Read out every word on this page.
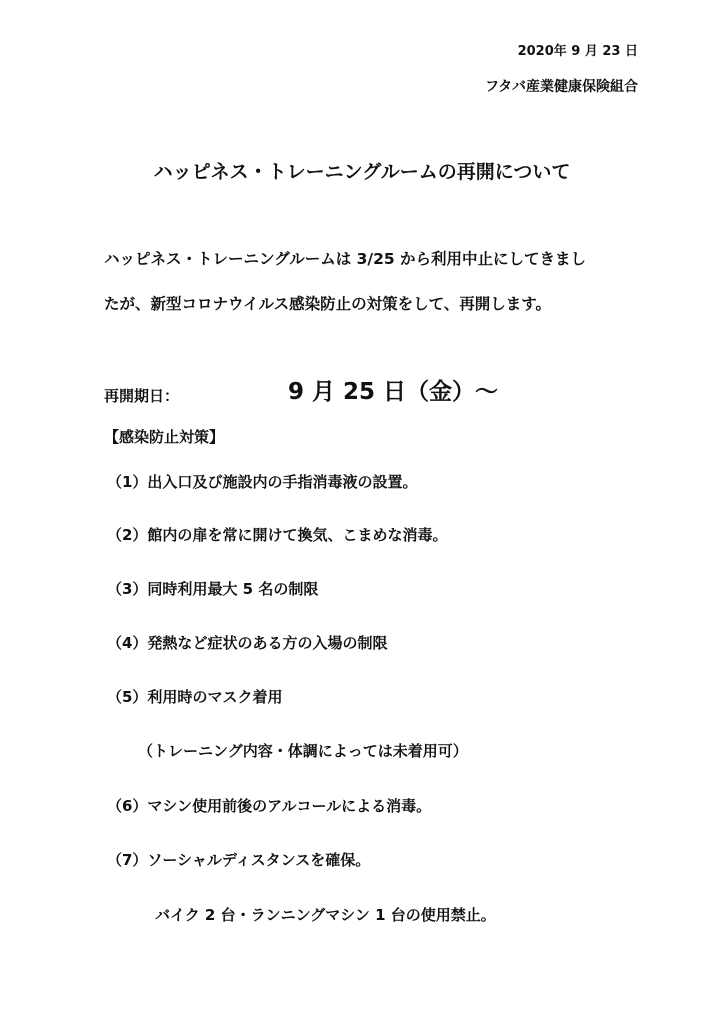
2020年 9 月 23 日
フタバ産業健康保険組合
ハッピネス・トレーニングルームの再開について
ハッピネス・トレーニングルームは 3/25 から利用中止にしてきまし
たが、新型コロナウイルス感染防止の対策をして、再開します。
再開期日：	9 月 25 日（金）〜
【感染防止対策】
（1）出入口及び施設内の手指消毒液の設置。
（2）館内の扉を常に開けて換気、こまめな消毒。
（3）同時利用最大 5 名の制限
（4）発熱など症状のある方の入場の制限
（5）利用時のマスク着用
（トレーニング内容・体調によっては未着用可）
（6）マシン使用前後のアルコールによる消毒。
（7）ソーシャルディスタンスを確保。
バイク 2 台・ランニングマシン 1 台の使用禁止。
